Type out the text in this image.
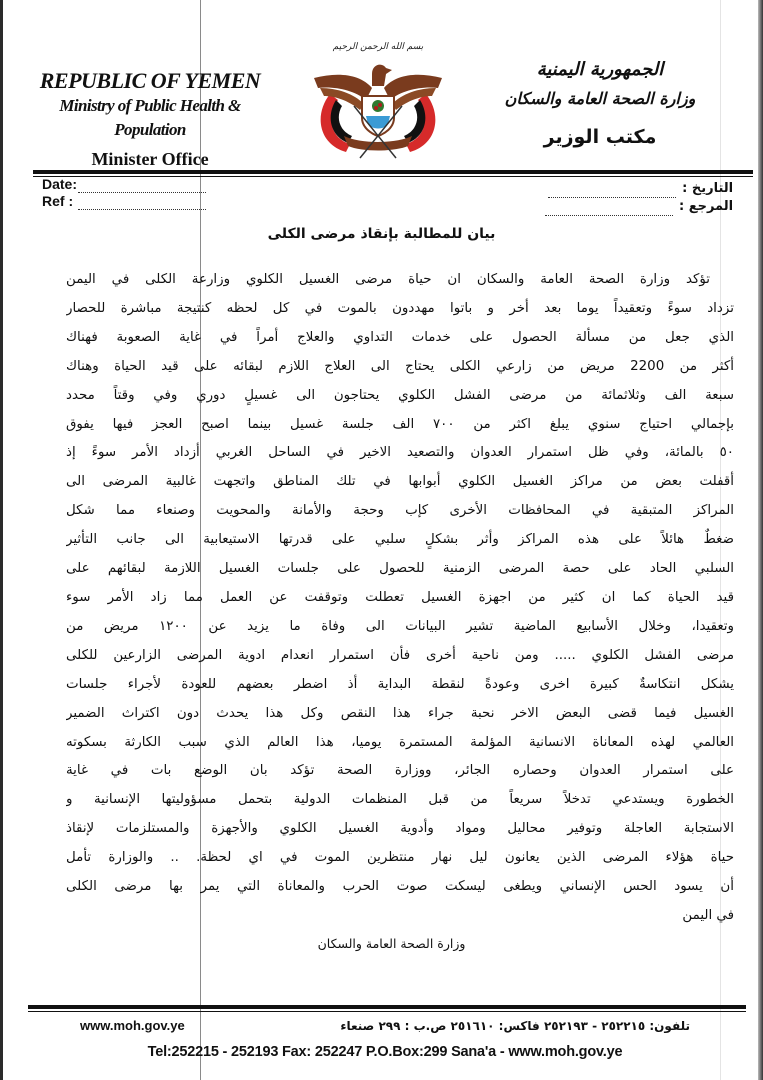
REPUBLIC OF YEMEN
Ministry of Public Health & Population
Minister Office
بسم الله الرحمن الرحيم
الجمهورية اليمنية
وزارة الصحة العامة والسكان
مكتب الوزير
Date:
Ref :
التاريخ :
المرجع :
بيان للمطالبة بإنقاذ مرضى الكلى
تؤكد وزارة الصحة العامة والسكان ان حياة مرضى الغسيل الكلوي وزارعة الكلى في اليمن
تزداد سوءً وتعقيداً يوما بعد أخر و باتوا مهددون بالموت في كل لحظه كنتيجة مباشرة للحصار
الذي جعل من مسألة الحصول على خدمات التداوي والعلاج أمراً في غاية الصعوبة فهناك
أكثر من 2200 مريض من زارعي الكلى يحتاج الى العلاج اللازم لبقائه على قيد الحياة وهناك
سبعة الف وثلاثمائة من مرضى الفشل الكلوي يحتاجون الى غسيلٍ دوري وفي وقتاً محدد
بإجمالي احتياج سنوي يبلغ اكثر من ٧٠٠ الف جلسة غسيل بينما اصبح العجز فيها يفوق
٥٠ بالمائة، وفي ظل استمرار العدوان والتصعيد الاخير في الساحل الغربي أزداد الأمر سوءً إذ
أقفلت بعض من مراكز الغسيل الكلوي أبوابها في تلك المناطق واتجهت غالبية المرضى الى
المراكز المتبقية في المحافظات الأخرى كإب وحجة والأمانة والمحويت وصنعاء مما شكل
ضغطٌ هائلاً على هذه المراكز وأثر بشكلٍ سلبي على قدرتها الاستيعابية الى جانب التأثير
السلبي الحاد على حصة المرضى الزمنية للحصول على جلسات الغسيل اللازمة لبقائهم على
قيد الحياة كما ان كثير من اجهزة الغسيل تعطلت وتوقفت عن العمل مما زاد الأمر سوء
وتعقيدا، وخلال الأسابيع الماضية تشير البيانات الى وفاة ما يزيد عن ١٢٠٠ مريض من
مرضى الفشل الكلوي ..... ومن ناحية أخرى فأن استمرار انعدام ادوية المرضى الزارعين للكلى
يشكل انتكاسةٌ كبيرة اخرى وعودةً لنقطة البداية أذ اضطر بعضهم للعودة لأجراء جلسات
الغسيل فيما قضى البعض الاخر نحبة جراء هذا النقص وكل هذا يحدث دون اكتراث الضمير
العالمي لهذه المعاناة الانسانية المؤلمة المستمرة يوميا، هذا العالم الذي سبب الكارثة بسكوته
على استمرار العدوان وحصاره الجائر، ووزارة الصحة تؤكد بان الوضع بات في غاية
الخطورة ويستدعي تدخلاً سريعاً من قبل المنظمات الدولية بتحمل مسؤوليتها الإنسانية و
الاستجابة العاجلة وتوفير محاليل ومواد وأدوية الغسيل الكلوي والأجهزة والمستلزمات لإنقاذ
حياة هؤلاء المرضى الذين يعانون ليل نهار منتظرين الموت في اي لحظة. .. والوزارة تأمل
أن يسود الحس الإنساني ويطغى ليسكت صوت الحرب والمعاناة التي يمر بها مرضى الكلى
في اليمن
وزارة الصحة العامة والسكان
www.moh.gov.ye	تلفون: ٢٥٢٢١٥ - ٢٥٢١٩٣ فاكس: ٢٥١٦١٠ ص.ب : ٢٩٩ صنعاء
Tel:252215 - 252193 Fax: 252247 P.O.Box:299 Sana'a - www.moh.gov.ye
